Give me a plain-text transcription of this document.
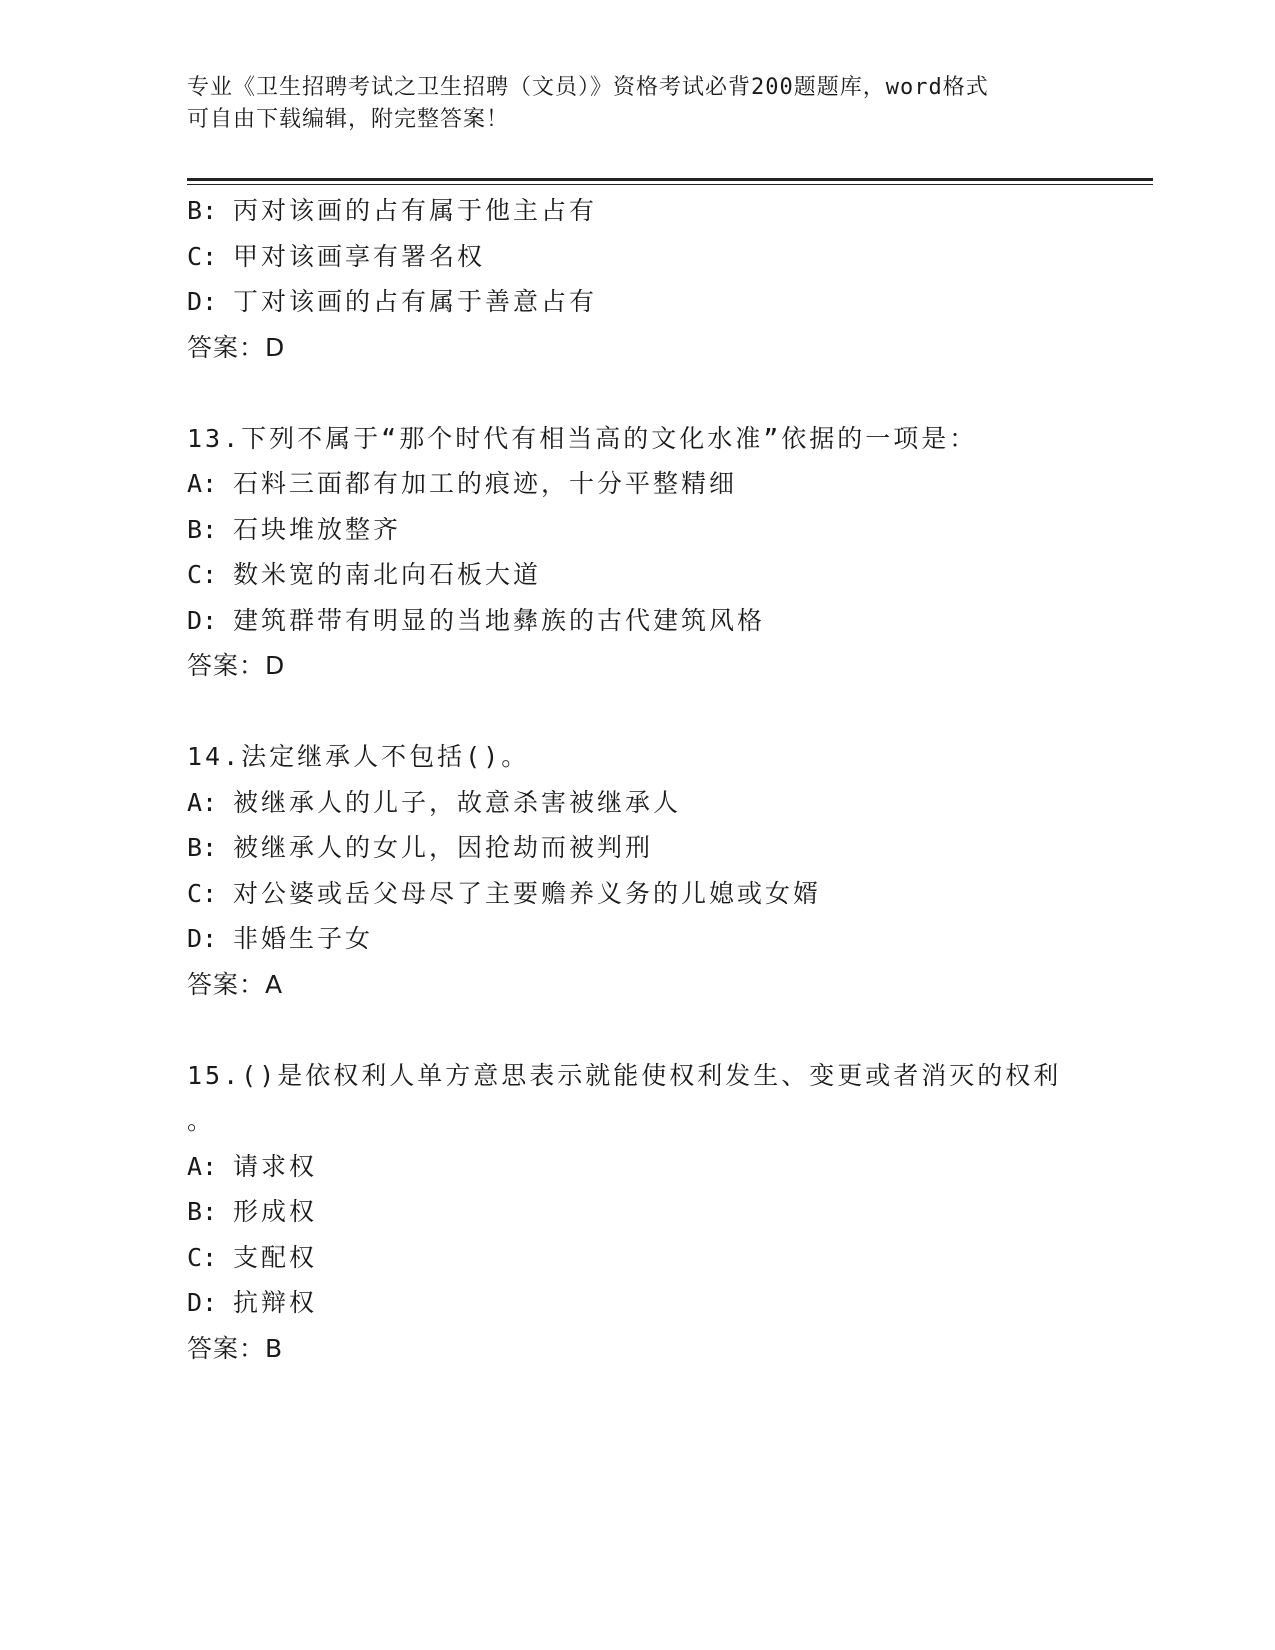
专业《卫生招聘考试之卫生招聘（文员）》资格考试必背200题题库，word格式
可自由下载编辑，附完整答案！
B: 丙对该画的占有属于他主占有
C: 甲对该画享有署名权
D: 丁对该画的占有属于善意占有
答案：D
13.下列不属于“那个时代有相当高的文化水准”依据的一项是：
A: 石料三面都有加工的痕迹，十分平整精细
B: 石块堆放整齐
C: 数米宽的南北向石板大道
D: 建筑群带有明显的当地彝族的古代建筑风格
答案：D
14.法定继承人不包括()。
A: 被继承人的儿子，故意杀害被继承人
B: 被继承人的女儿，因抢劫而被判刑
C: 对公婆或岳父母尽了主要赡养义务的儿媳或女婿
D: 非婚生子女
答案：A
15.()是依权利人单方意思表示就能使权利发生、变更或者消灭的权利
。
A: 请求权
B: 形成权
C: 支配权
D: 抗辩权
答案：B
